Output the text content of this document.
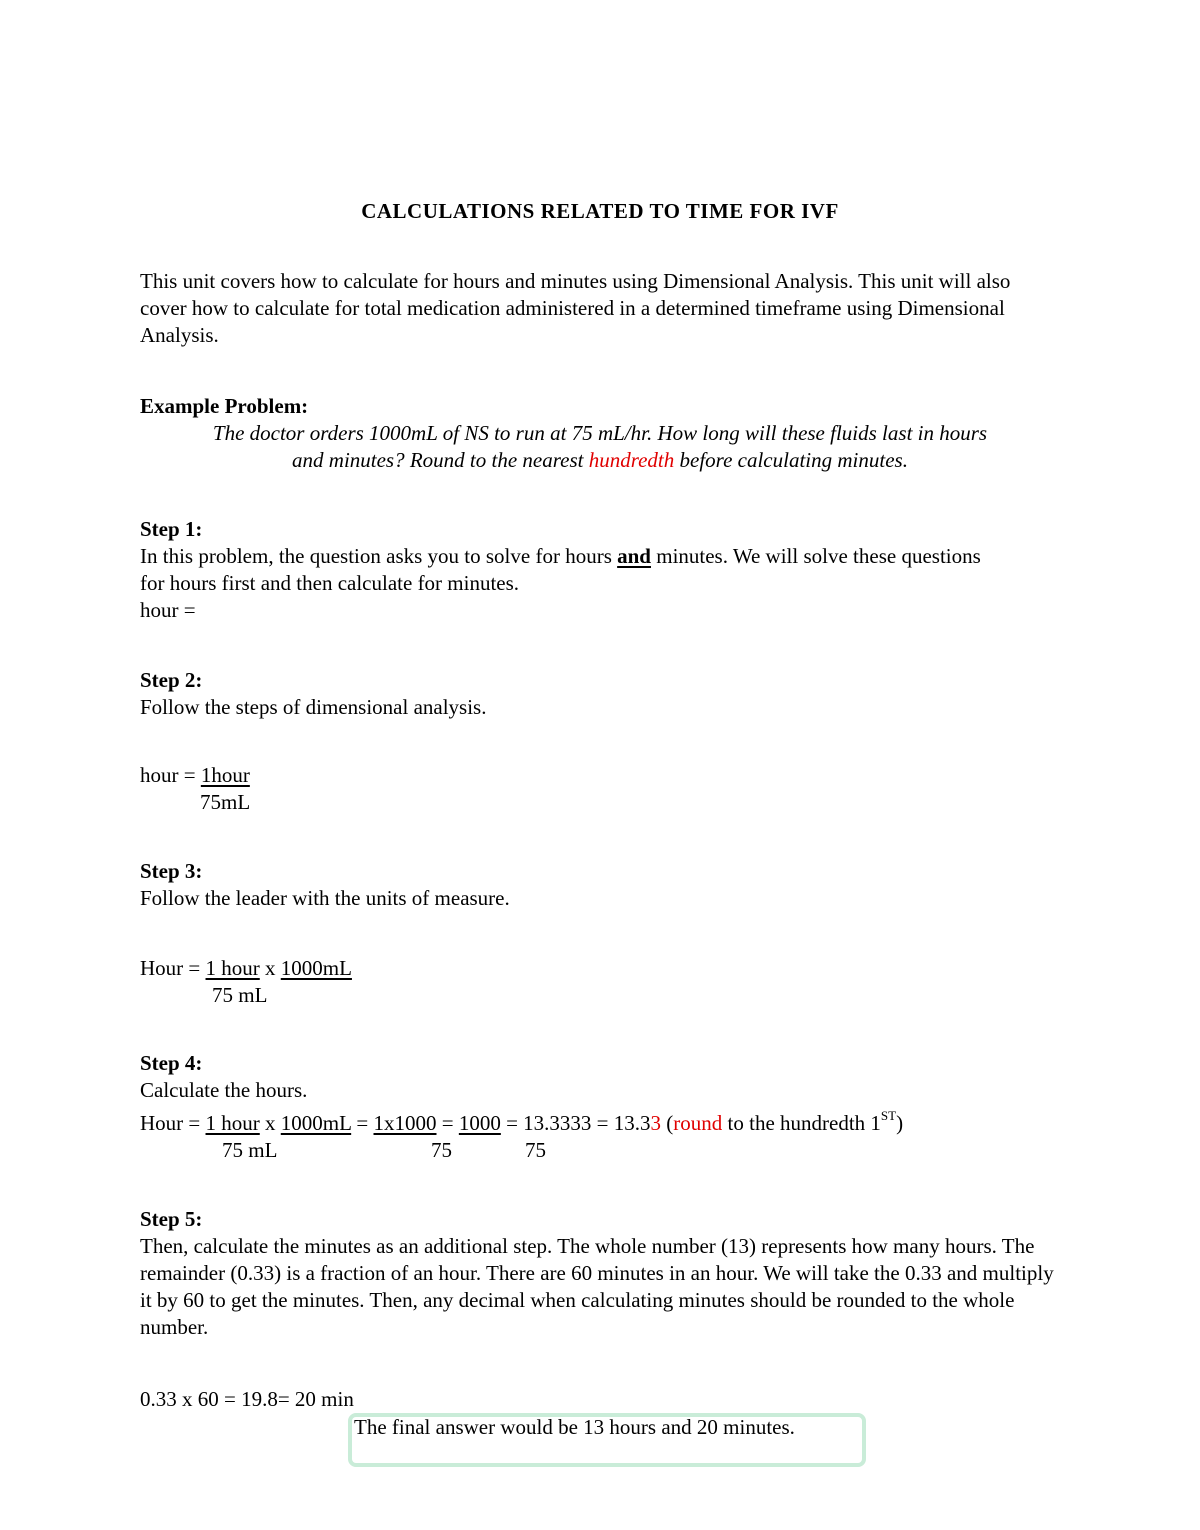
CALCULATIONS RELATED TO TIME FOR IVF
This unit covers how to calculate for hours and minutes using Dimensional Analysis. This unit will also cover how to calculate for total medication administered in a determined timeframe using Dimensional Analysis.
Example Problem:
The doctor orders 1000mL of NS to run at 75 mL/hr. How long will these fluids last in hours
and minutes? Round to the nearest hundredth before calculating minutes.
Step 1:
In this problem, the question asks you to solve for hours and minutes. We will solve these questions for hours first and then calculate for minutes.
hour =
Step 2:
Follow the steps of dimensional analysis.
hour = 1hour
75mL
Step 3:
Follow the leader with the units of measure.
Hour = 1 hour x 1000mL
75 mL
Step 4:
Calculate the hours.
Hour = 1 hour x 1000mL = 1x1000 = 1000 = 13.3333 = 13.33 (round to the hundredth 1ST)
75 mL	75	75
Step 5:
Then, calculate the minutes as an additional step. The whole number (13) represents how many hours. The remainder (0.33) is a fraction of an hour. There are 60 minutes in an hour. We will take the 0.33 and multiply it by 60 to get the minutes. Then, any decimal when calculating minutes should be rounded to the whole number.
0.33 x 60 = 19.8= 20 min
The final answer would be 13 hours and 20 minutes.
